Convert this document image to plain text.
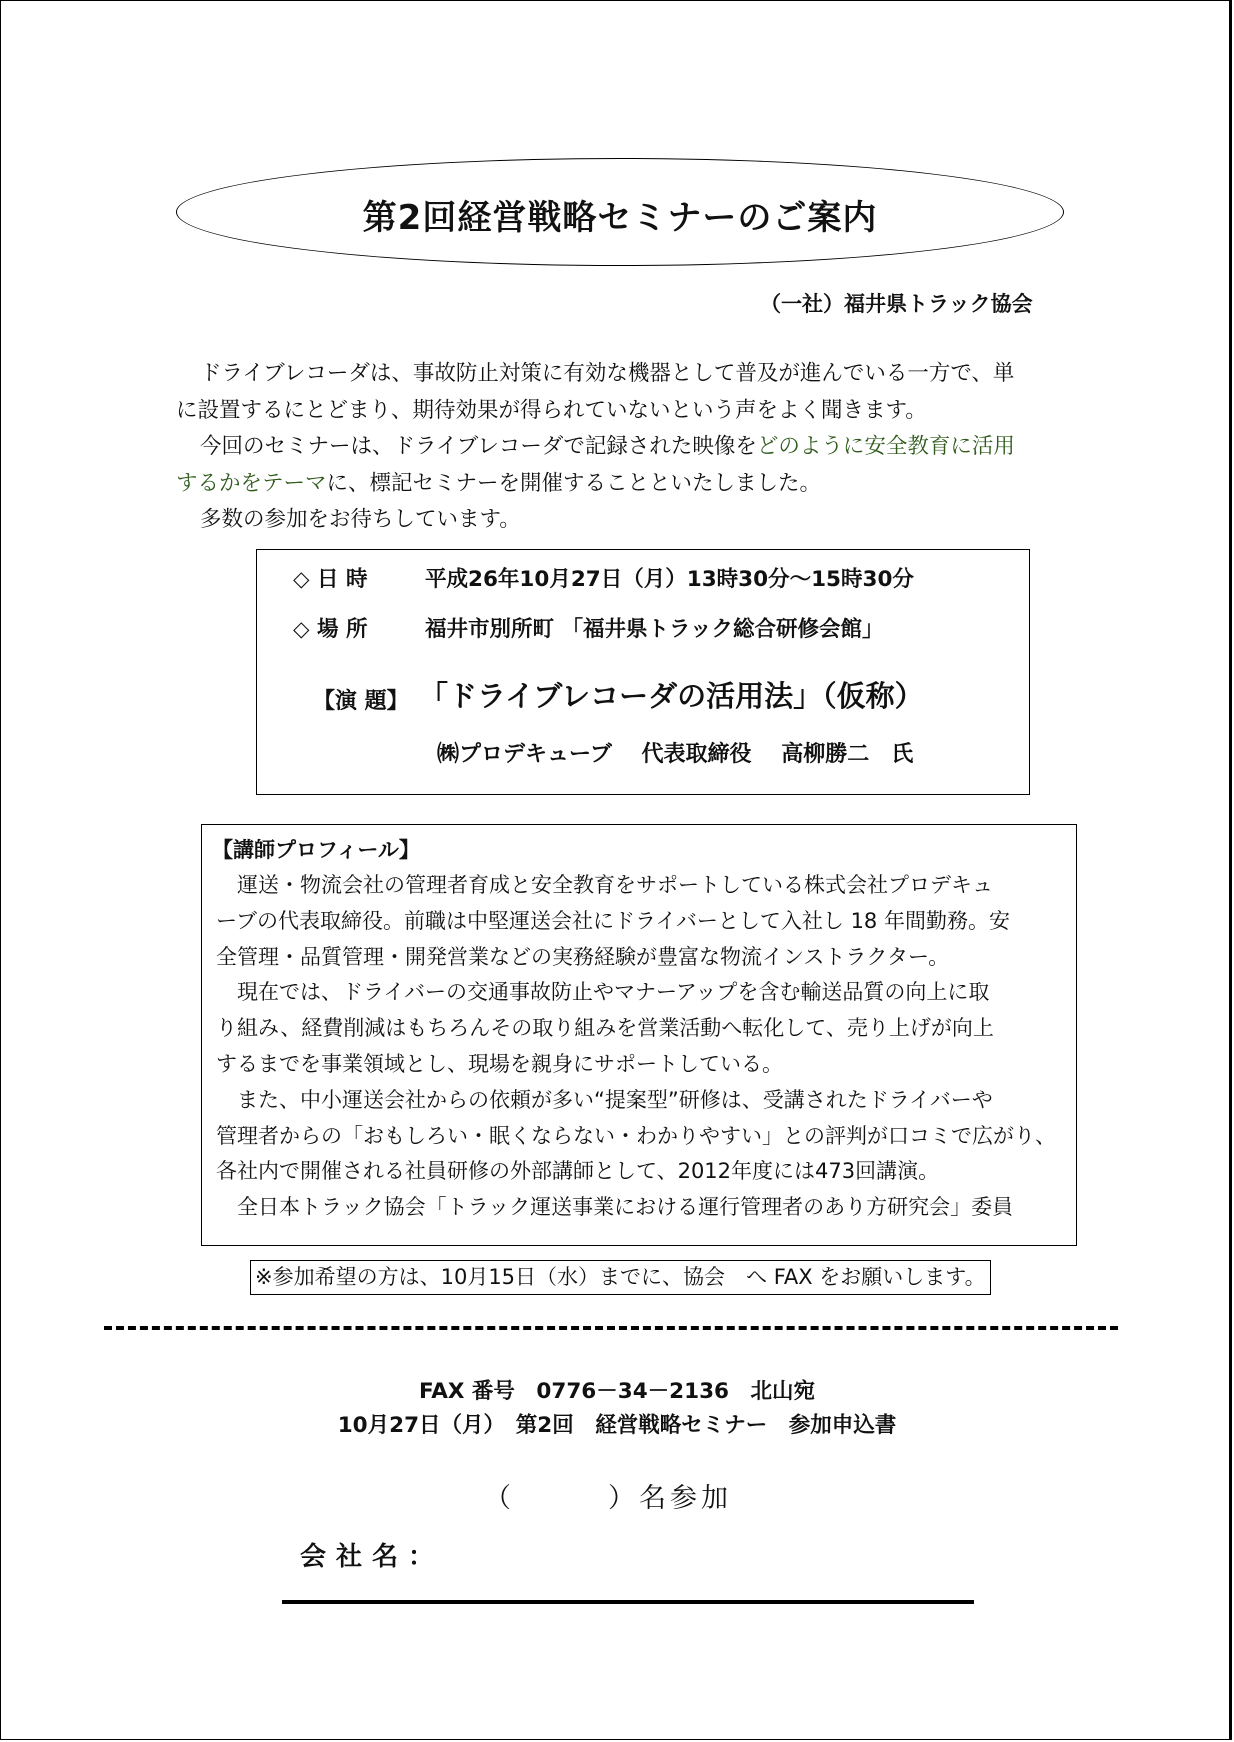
第2回経営戦略セミナーのご案内
（一社）福井県トラック協会

ドライブレコーダは、事故防止対策に有効な機器として普及が進んでいる一方で、単

に設置するにとどまり、期待効果が得られていないという声をよく聞きます。

今回のセミナーは、ドライブレコーダで記録された映像をどのように安全教育に活用

するかをテーマに、標記セミナーを開催することといたしました。

多数の参加をお待ちしています。

◇ 日 時	平成26年10月27日（月）13時30分～15時30分
◇ 場 所	福井市別所町 「福井県トラック総合研修会館」
【演 題】 「ドライブレコーダの活用法」（仮称）
㈱プロデキューブ　 代表取締役　 高柳勝二　氏
【講師プロフィール】

　運送・物流会社の管理者育成と安全教育をサポートしている株式会社プロデキュ

ーブの代表取締役。前職は中堅運送会社にドライバーとして入社し 18 年間勤務。安

全管理・品質管理・開発営業などの実務経験が豊富な物流インストラクター。

　現在では、ドライバーの交通事故防止やマナーアップを含む輸送品質の向上に取

り組み、経費削減はもちろんその取り組みを営業活動へ転化して、売り上げが向上

するまでを事業領域とし、現場を親身にサポートしている。

　また、中小運送会社からの依頼が多い“提案型”研修は、受講されたドライバーや

管理者からの「おもしろい・眠くならない・わかりやすい」との評判が口コミで広がり、

各社内で開催される社員研修の外部講師として、2012年度には473回講演。

　全日本トラック協会「トラック運送事業における運行管理者のあり方研究会」委員

※参加希望の方は、10月15日（水）までに、協会　へ FAX をお願いします。
FAX 番号　0776－34－2136　北山宛
10月27日（月）　第2回　経営戦略セミナー　参加申込書
（　　　）名参加
会社名：
